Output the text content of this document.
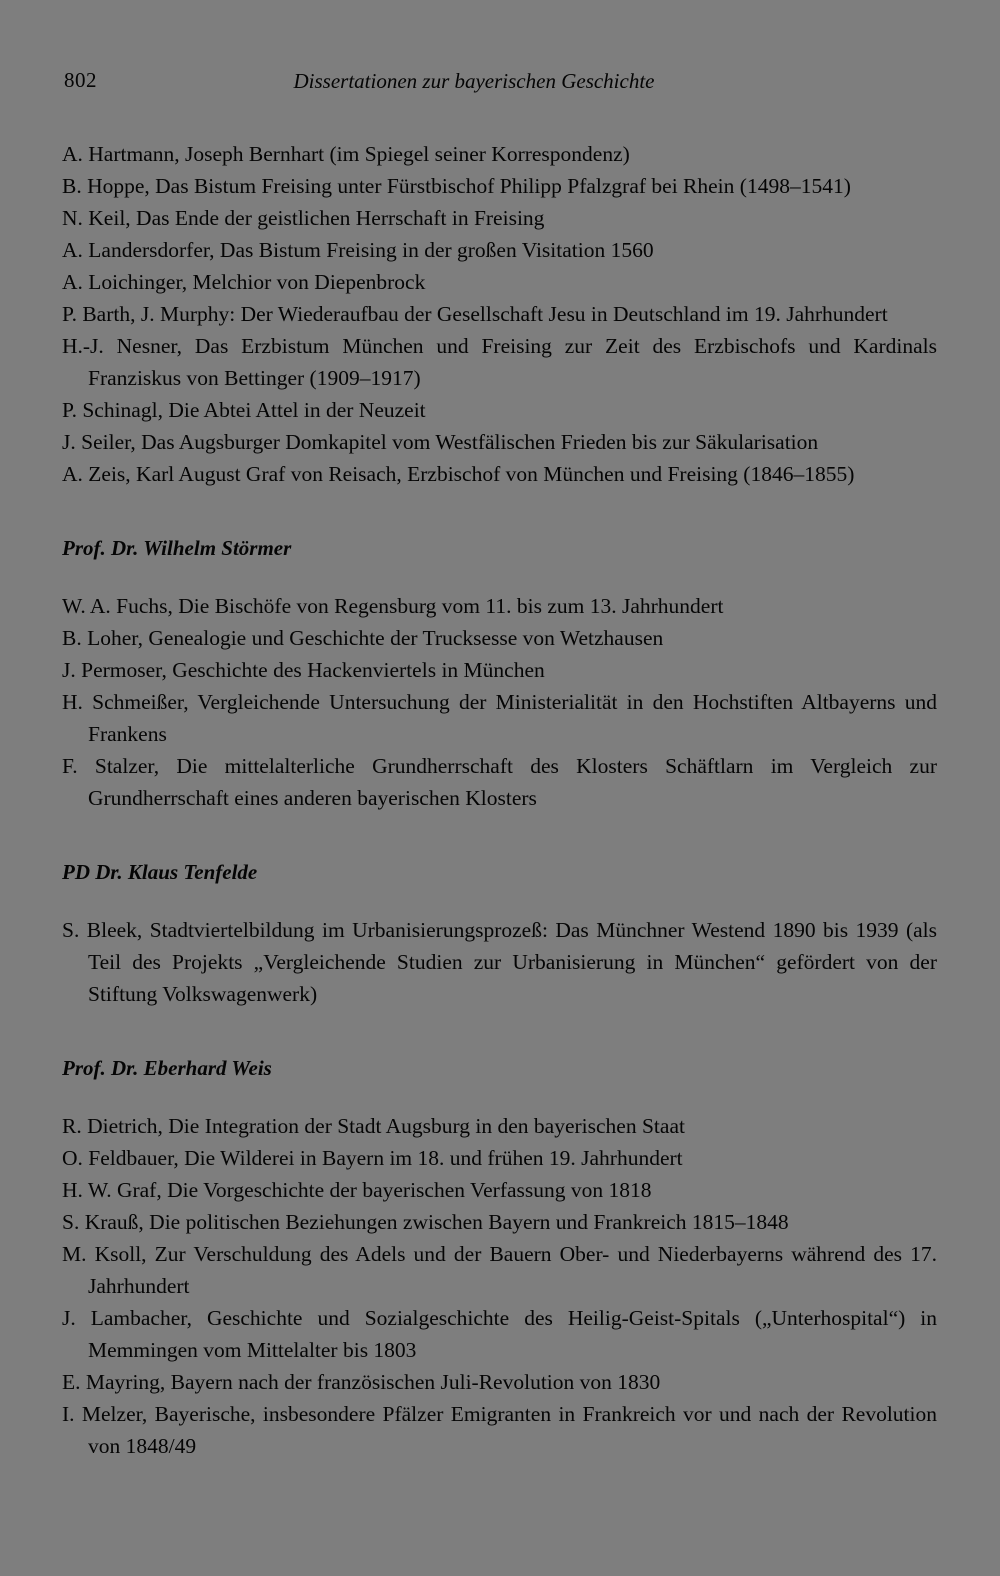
802	Dissertationen zur bayerischen Geschichte

A. Hartmann, Joseph Bernhart (im Spiegel seiner Korrespondenz)

B. Hoppe, Das Bistum Freising unter Fürstbischof Philipp Pfalzgraf bei Rhein (1498–1541)

N. Keil, Das Ende der geistlichen Herrschaft in Freising

A. Landersdorfer, Das Bistum Freising in der großen Visitation 1560

A. Loichinger, Melchior von Diepenbrock

P. Barth, J. Murphy: Der Wiederaufbau der Gesellschaft Jesu in Deutschland im 19. Jahrhundert

H.-J. Nesner, Das Erzbistum München und Freising zur Zeit des Erzbischofs und Kardinals Franziskus von Bettinger (1909–1917)

P. Schinagl, Die Abtei Attel in der Neuzeit

J. Seiler, Das Augsburger Domkapitel vom Westfälischen Frieden bis zur Säkularisation

A. Zeis, Karl August Graf von Reisach, Erzbischof von München und Freising (1846–1855)

Prof. Dr. Wilhelm Störmer

W. A. Fuchs, Die Bischöfe von Regensburg vom 11. bis zum 13. Jahrhundert

B. Loher, Genealogie und Geschichte der Trucksesse von Wetzhausen

J. Permoser, Geschichte des Hackenviertels in München

H. Schmeißer, Vergleichende Untersuchung der Ministerialität in den Hochstiften Altbayerns und Frankens

F. Stalzer, Die mittelalterliche Grundherrschaft des Klosters Schäftlarn im Vergleich zur Grundherrschaft eines anderen bayerischen Klosters

PD Dr. Klaus Tenfelde

S. Bleek, Stadtviertelbildung im Urbanisierungsprozeß: Das Münchner Westend 1890 bis 1939 (als Teil des Projekts „Vergleichende Studien zur Urbanisierung in München“ gefördert von der Stiftung Volkswagenwerk)

Prof. Dr. Eberhard Weis

R. Dietrich, Die Integration der Stadt Augsburg in den bayerischen Staat

O. Feldbauer, Die Wilderei in Bayern im 18. und frühen 19. Jahrhundert

H. W. Graf, Die Vorgeschichte der bayerischen Verfassung von 1818

S. Krauß, Die politischen Beziehungen zwischen Bayern und Frankreich 1815–1848

M. Ksoll, Zur Verschuldung des Adels und der Bauern Ober- und Niederbayerns während des 17. Jahrhundert

J. Lambacher, Geschichte und Sozialgeschichte des Heilig-Geist-Spitals („Unterhospital“) in Memmingen vom Mittelalter bis 1803

E. Mayring, Bayern nach der französischen Juli-Revolution von 1830

I. Melzer, Bayerische, insbesondere Pfälzer Emigranten in Frankreich vor und nach der Revolution von 1848/49
